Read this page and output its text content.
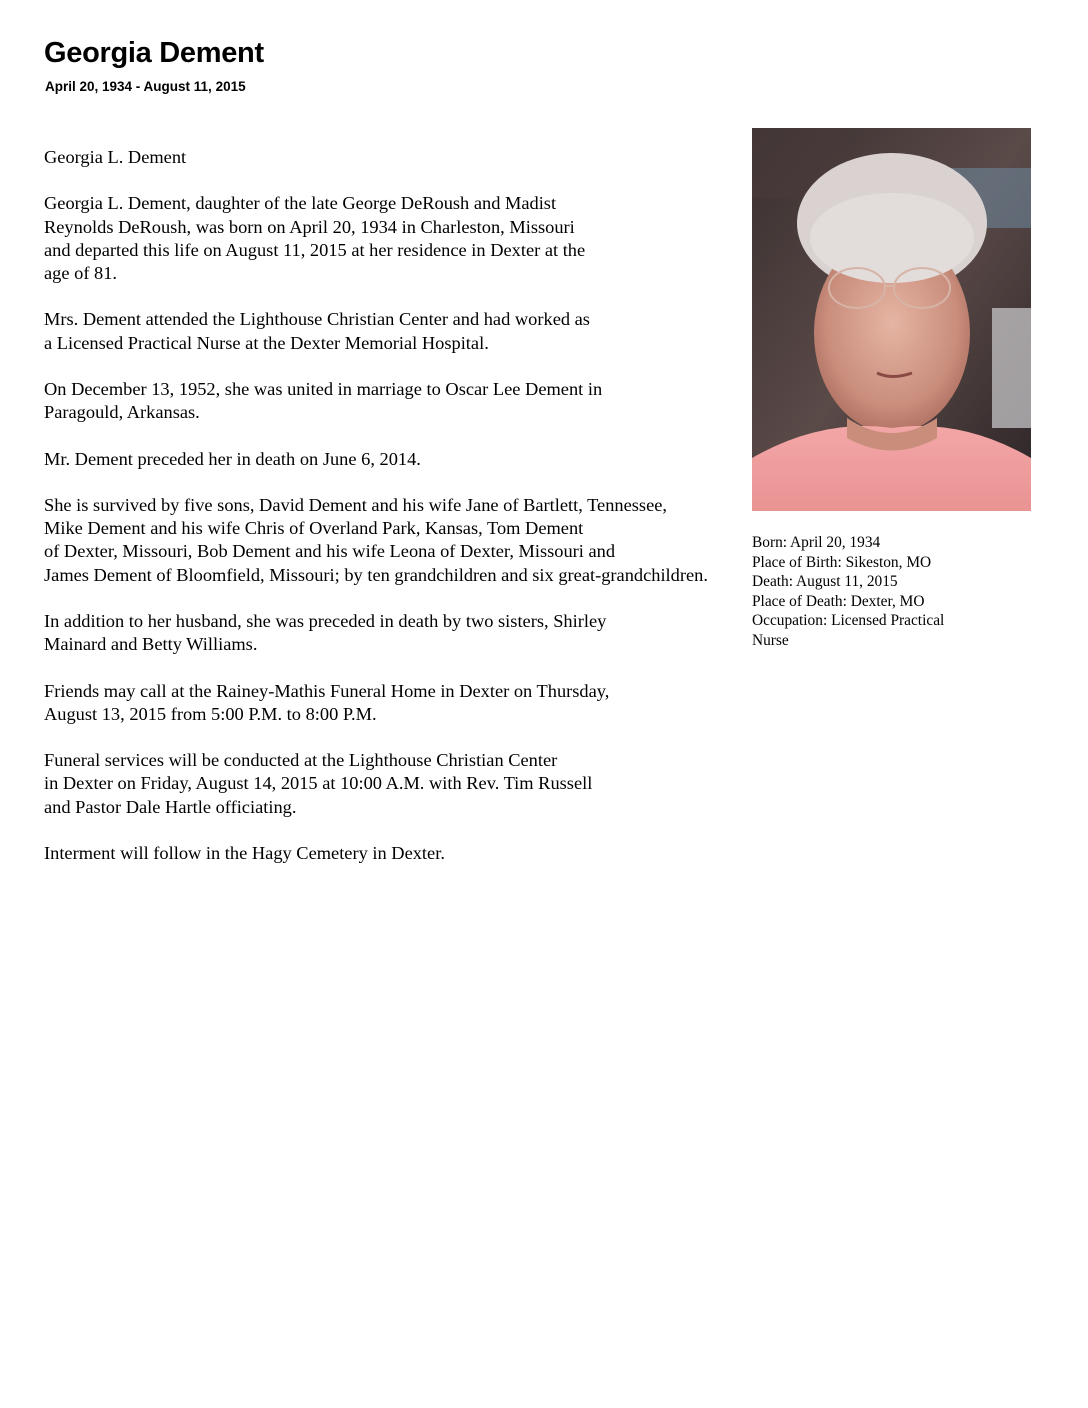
Georgia Dement
April 20, 1934 - August 11, 2015

Georgia L. Dement

Georgia L. Dement, daughter of the late George DeRoush and Madist
Reynolds DeRoush, was born on April 20, 1934 in Charleston, Missouri
and departed this life on August 11, 2015 at her residence in Dexter at the
age of 81.

Mrs. Dement attended the Lighthouse Christian Center and had worked as
a Licensed Practical Nurse at the Dexter Memorial Hospital.

On December 13, 1952, she was united in marriage to Oscar Lee Dement in
Paragould, Arkansas.

Mr. Dement preceded her in death on June 6, 2014.

She is survived by five sons, David Dement and his wife Jane of Bartlett, Tennessee,
Mike Dement and his wife Chris of Overland Park, Kansas, Tom Dement
of Dexter, Missouri, Bob Dement and his wife Leona of Dexter, Missouri and
James Dement of Bloomfield, Missouri; by ten grandchildren and six great-grandchildren.

In addition to her husband, she was preceded in death by two sisters, Shirley
Mainard and Betty Williams.

Friends may call at the Rainey-Mathis Funeral Home in Dexter on Thursday,
August 13, 2015 from 5:00 P.M. to 8:00 P.M.

Funeral services will be conducted at the Lighthouse Christian Center
in Dexter on Friday, August 14, 2015 at 10:00 A.M. with Rev. Tim Russell
and Pastor Dale Hartle officiating.

Interment will follow in the Hagy Cemetery in Dexter.

Born: April 20, 1934
Place of Birth: Sikeston, MO
Death: August 11, 2015
Place of Death: Dexter, MO
Occupation: Licensed Practical
Nurse
